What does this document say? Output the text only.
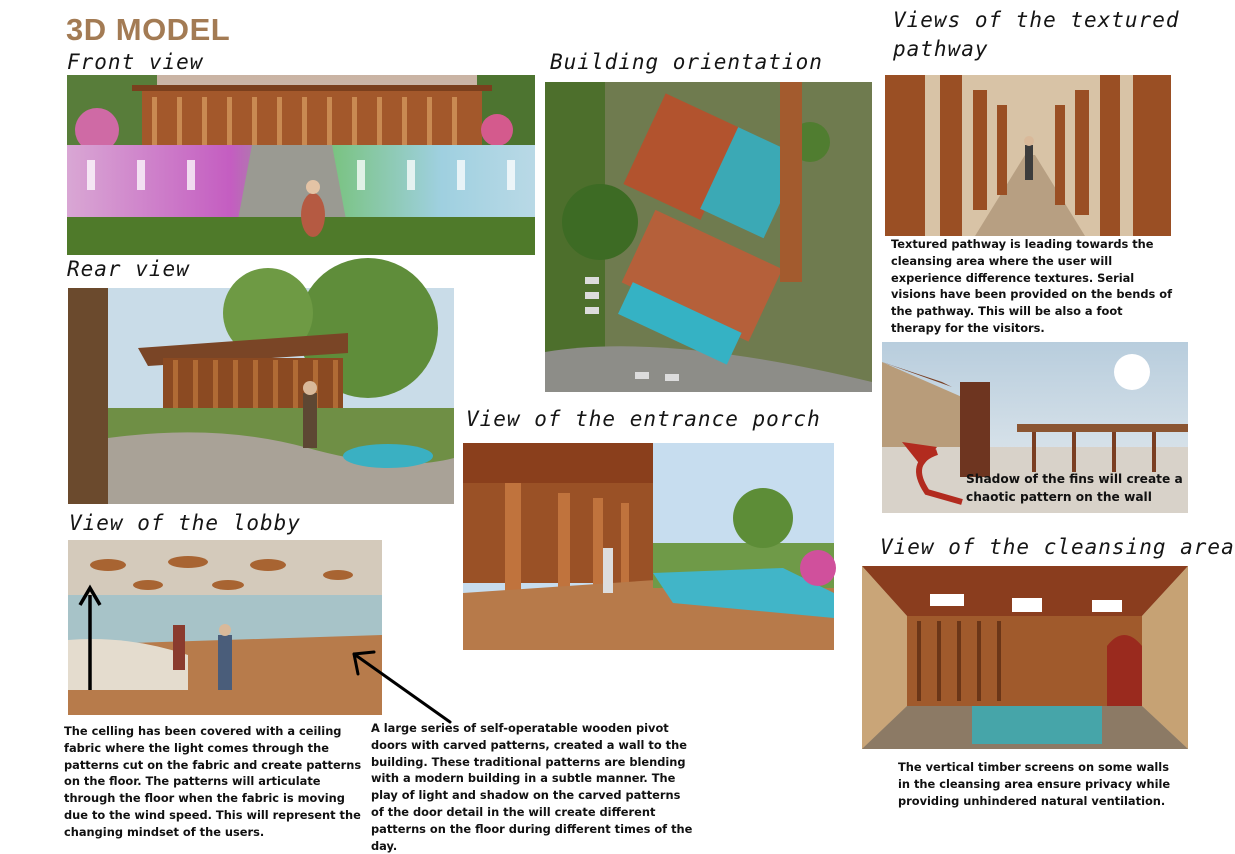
3D MODEL
Front view
Rear view
Building orientation
Views of the textured pathway
Textured pathway is leading towards the cleansing area where the user will experience difference textures. Serial visions have been provided on the bends of the pathway. This will be also a foot therapy for the visitors.
Shadow of the fins will create a chaotic pattern on the wall
View of the entrance porch
A large series of self-operatable wooden pivot doors with carved patterns, created a wall to the building. These traditional patterns are blending with a modern building in a subtle manner. The play of light and shadow on the carved patterns of the door detail in the will create different patterns on the floor during different times of the day.
View of the lobby
The celling has been covered with a ceiling fabric where the light comes through the patterns cut on the fabric and create patterns on the floor. The patterns will articulate through the floor when the fabric is moving due to the wind speed. This will represent the changing mindset of the users.
View of the cleansing area
The vertical timber screens on some walls in the cleansing area ensure privacy while providing unhindered natural ventilation.
